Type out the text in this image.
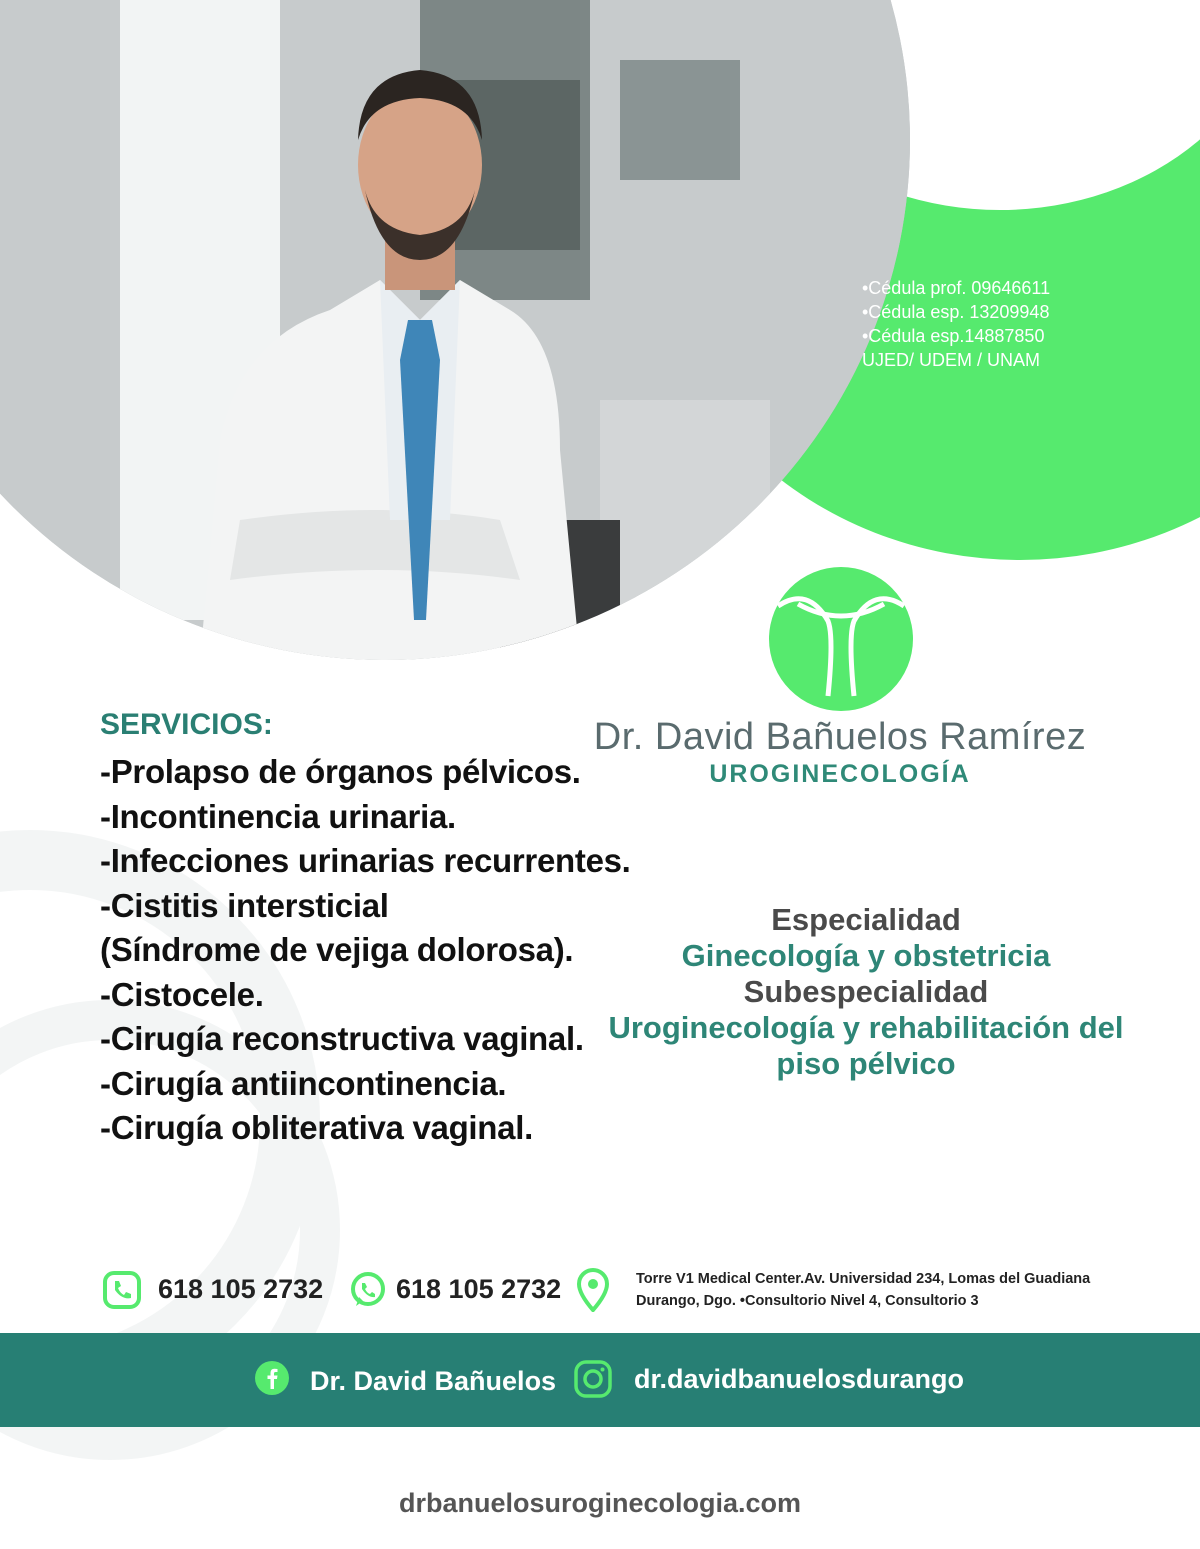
•Cédula prof. 09646611
•Cédula esp. 13209948
•Cédula esp.14887850
UJED/ UDEM / UNAM
Dr. David Bañuelos Ramírez
UROGINECOLOGÍA
SERVICIOS:
-Prolapso de órganos pélvicos.
-Incontinencia urinaria.
-Infecciones urinarias recurrentes.
-Cistitis intersticial
(Síndrome de vejiga dolorosa).
-Cistocele.
-Cirugía reconstructiva vaginal.
-Cirugía antiincontinencia.
-Cirugía obliterativa vaginal.
Especialidad
Ginecología y obstetricia
Subespecialidad
Uroginecología y rehabilitación del
piso pélvico
618 105 2732	618 105 2732	Torre V1 Medical Center.Av. Universidad 234, Lomas del Guadiana
Durango, Dgo. •Consultorio Nivel 4, Consultorio 3
Dr. David Bañuelos	dr.davidbanuelosdurango
drbanuelosuroginecologia.com
